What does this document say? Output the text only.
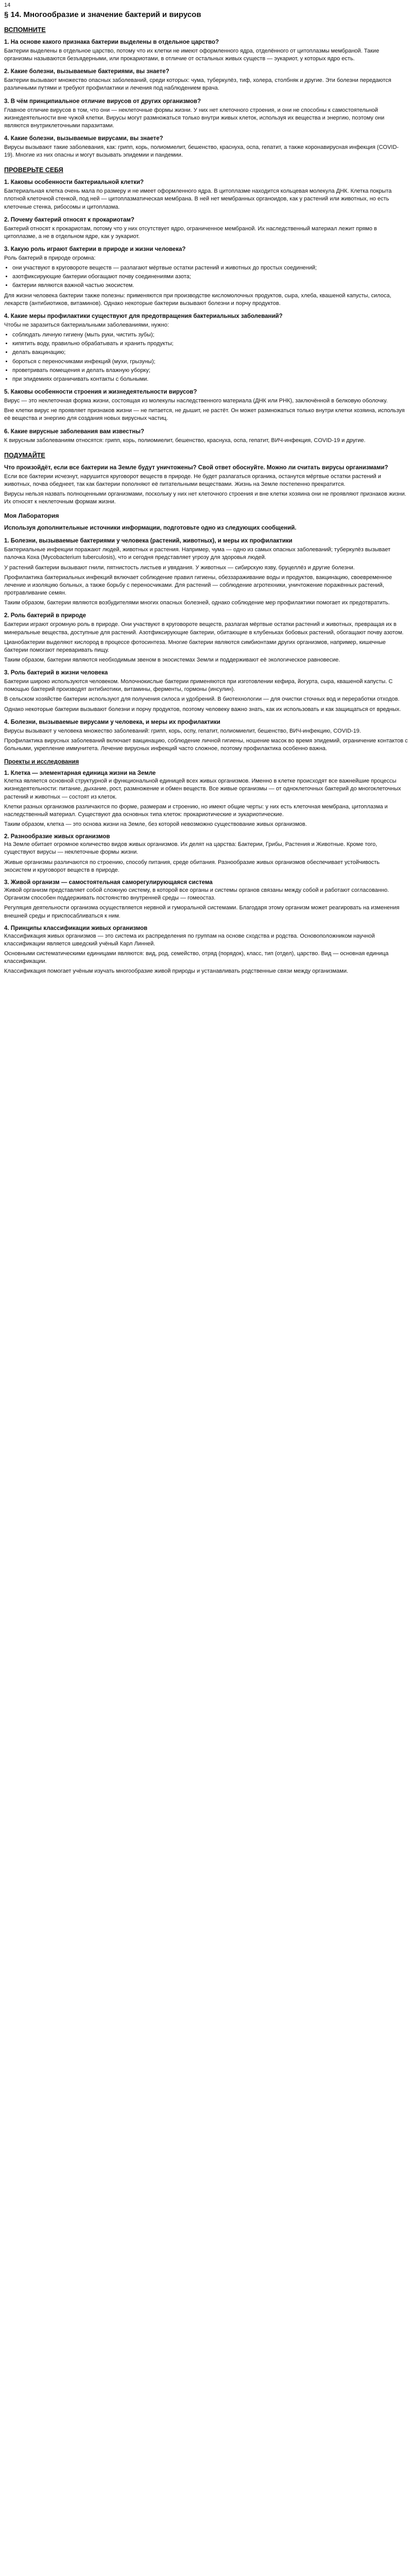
14
§ 14. Многообразие и значение бактерий и вирусов
ВСПОМНИТЕ
1. На основе какого признака бактерии выделены в отдельное царство?
Бактерии выделены в отдельное царство, потому что их клетки не имеют оформленного ядра, отделённого от цитоплазмы мембраной. Такие организмы называются безъядерными, или прокариотами, в отличие от остальных живых существ — эукариот, у которых ядро есть.
2. Какие болезни, вызываемые бактериями, вы знаете?
Бактерии вызывают множество опасных заболеваний, среди которых: чума, туберкулёз, тиф, холера, столбняк и другие. Эти болезни передаются различными путями и требуют профилактики и лечения под наблюдением врача.
3. В чём принципиальное отличие вирусов от других организмов?
Главное отличие вирусов в том, что они — неклеточные формы жизни. У них нет клеточного строения, и они не способны к самостоятельной жизнедеятельности вне чужой клетки. Вирусы могут размножаться только внутри живых клеток, используя их вещества и энергию, поэтому они являются внутриклеточными паразитами.
4. Какие болезни, вызываемые вирусами, вы знаете?
Вирусы вызывают такие заболевания, как: грипп, корь, полиомиелит, бешенство, краснуха, оспа, гепатит, а также коронавирусная инфекция (COVID-19). Многие из них опасны и могут вызывать эпидемии и пандемии.
ПРОВЕРЬТЕ СЕБЯ
1. Каковы особенности бактериальной клетки?
Бактериальная клетка очень мала по размеру и не имеет оформленного ядра. В цитоплазме находится кольцевая молекула ДНК. Клетка покрыта плотной клеточной стенкой, под ней — цитоплазматическая мембрана. В ней нет мембранных органоидов, как у растений или животных, но есть клеточные стенка, рибосомы и цитоплазма.
2. Почему бактерий относят к прокариотам?
Бактерий относят к прокариотам, потому что у них отсутствует ядро, ограниченное мембраной. Их наследственный материал лежит прямо в цитоплазме, а не в отдельном ядре, как у эукариот.
3. Какую роль играют бактерии в природе и жизни человека?
Роль бактерий в природе огромна:
• они участвуют в круговороте веществ — разлагают мёртвые остатки растений и животных до простых соединений;
• азотфиксирующие бактерии обогащают почву соединениями азота;
• бактерии являются важной частью экосистем.
Для жизни человека бактерии также полезны: применяются при производстве кисломолочных продуктов, сыра, хлеба, квашеной капусты, силоса, лекарств (антибиотиков, витаминов). Однако некоторые бактерии вызывают болезни и порчу продуктов.
4. Какие меры профилактики существуют для предотвращения бактериальных заболеваний?
Чтобы не заразиться бактериальными заболеваниями, нужно:
• соблюдать личную гигиену (мыть руки, чистить зубы);
• кипятить воду, правильно обрабатывать и хранить продукты;
• делать вакцинацию;
• бороться с переносчиками инфекций (мухи, грызуны);
• проветривать помещения и делать влажную уборку;
• при эпидемиях ограничивать контакты с больными.
5. Каковы особенности строения и жизнедеятельности вирусов?
Вирус — это неклеточная форма жизни, состоящая из молекулы наследственного материала (ДНК или РНК), заключённой в белковую оболочку.
Вне клетки вирус не проявляет признаков жизни — не питается, не дышит, не растёт. Он может размножаться только внутри клетки хозяина, используя её вещества и энергию для создания новых вирусных частиц.
6. Какие вирусные заболевания вам известны?
К вирусным заболеваниям относятся: грипп, корь, полиомиелит, бешенство, краснуха, оспа, гепатит, ВИЧ-инфекция, COVID-19 и другие.
ПОДУМАЙТЕ
Что произойдёт, если все бактерии на Земле будут уничтожены? Свой ответ обоснуйте. Можно ли считать вирусы организмами?
Если все бактерии исчезнут, нарушится круговорот веществ в природе. Не будет разлагаться органика, останутся мёртвые остатки растений и животных, почва обеднеет, так как бактерии пополняют её питательными веществами. Жизнь на Земле постепенно прекратится.
Вирусы нельзя назвать полноценными организмами, поскольку у них нет клеточного строения и вне клетки хозяина они не проявляют признаков жизни. Их относят к неклеточным формам жизни.
Моя Лаборатория
Используя дополнительные источники информации, подготовьте одно из следующих сообщений.
1. Болезни, вызываемые бактериями у человека (растений, животных), и меры их профилактики
Бактериальные инфекции поражают людей, животных и растения. Например, чума — одно из самых опасных заболеваний; туберкулёз вызывает палочка Коха (Mycobacterium tuberculosis), что и сегодня представляет угрозу для здоровья людей.
У растений бактерии вызывают гнили, пятнистость листьев и увядания. У животных — сибирскую язву, бруцеллёз и другие болезни.
Профилактика бактериальных инфекций включает соблюдение правил гигиены, обеззараживание воды и продуктов, вакцинацию, своевременное лечение и изоляцию больных, а также борьбу с переносчиками. Для растений — соблюдение агротехники, уничтожение поражённых растений, протравливание семян.
Таким образом, бактерии являются возбудителями многих опасных болезней, однако соблюдение мер профилактики помогает их предотвратить.
2. Роль бактерий в природе
Бактерии играют огромную роль в природе. Они участвуют в круговороте веществ, разлагая мёртвые остатки растений и животных, превращая их в минеральные вещества, доступные для растений. Азотфиксирующие бактерии, обитающие в клубеньках бобовых растений, обогащают почву азотом.
Цианобактерии выделяют кислород в процессе фотосинтеза. Многие бактерии являются симбионтами других организмов, например, кишечные бактерии помогают переваривать пищу.
Таким образом, бактерии являются необходимым звеном в экосистемах Земли и поддерживают её экологическое равновесие.
3. Роль бактерий в жизни человека
Бактерии широко используются человеком. Молочнокислые бактерии применяются при изготовлении кефира, йогурта, сыра, квашеной капусты. С помощью бактерий производят антибиотики, витамины, ферменты, гормоны (инсулин).
В сельском хозяйстве бактерии используют для получения силоса и удобрений. В биотехнологии — для очистки сточных вод и переработки отходов.
Однако некоторые бактерии вызывают болезни и порчу продуктов, поэтому человеку важно знать, как их использовать и как защищаться от вредных.
4. Болезни, вызываемые вирусами у человека, и меры их профилактики
Вирусы вызывают у человека множество заболеваний: грипп, корь, оспу, гепатит, полиомиелит, бешенство, ВИЧ-инфекцию, COVID-19.
Профилактика вирусных заболеваний включает вакцинацию, соблюдение личной гигиены, ношение масок во время эпидемий, ограничение контактов с больными, укрепление иммунитета. Лечение вирусных инфекций часто сложное, поэтому профилактика особенно важна.
Проекты и исследования
1. Клетка — элементарная единица жизни на Земле
Клетка является основной структурной и функциональной единицей всех живых организмов. Именно в клетке происходят все важнейшие процессы жизнедеятельности: питание, дыхание, рост, размножение и обмен веществ. Все живые организмы — от одноклеточных бактерий до многоклеточных растений и животных — состоят из клеток.
Клетки разных организмов различаются по форме, размерам и строению, но имеют общие черты: у них есть клеточная мембрана, цитоплазма и наследственный материал. Существуют два основных типа клеток: прокариотические и эукариотические.
Таким образом, клетка — это основа жизни на Земле, без которой невозможно существование живых организмов.
2. Разнообразие живых организмов
На Земле обитает огромное количество видов живых организмов. Их делят на царства: Бактерии, Грибы, Растения и Животные. Кроме того, существуют вирусы — неклеточные формы жизни.
Живые организмы различаются по строению, способу питания, среде обитания. Разнообразие живых организмов обеспечивает устойчивость экосистем и круговорот веществ в природе.
3. Живой организм — самостоятельная саморегулирующаяся система
Живой организм представляет собой сложную систему, в которой все органы и системы органов связаны между собой и работают согласованно. Организм способен поддерживать постоянство внутренней среды — гомеостаз.
Регуляция деятельности организма осуществляется нервной и гуморальной системами. Благодаря этому организм может реагировать на изменения внешней среды и приспосабливаться к ним.
4. Принципы классификации живых организмов
Классификация живых организмов — это система их распределения по группам на основе сходства и родства. Основоположником научной классификации является шведский учёный Карл Линней.
Основными систематическими единицами являются: вид, род, семейство, отряд (порядок), класс, тип (отдел), царство. Вид — основная единица классификации.
Классификация помогает учёным изучать многообразие живой природы и устанавливать родственные связи между организмами.
